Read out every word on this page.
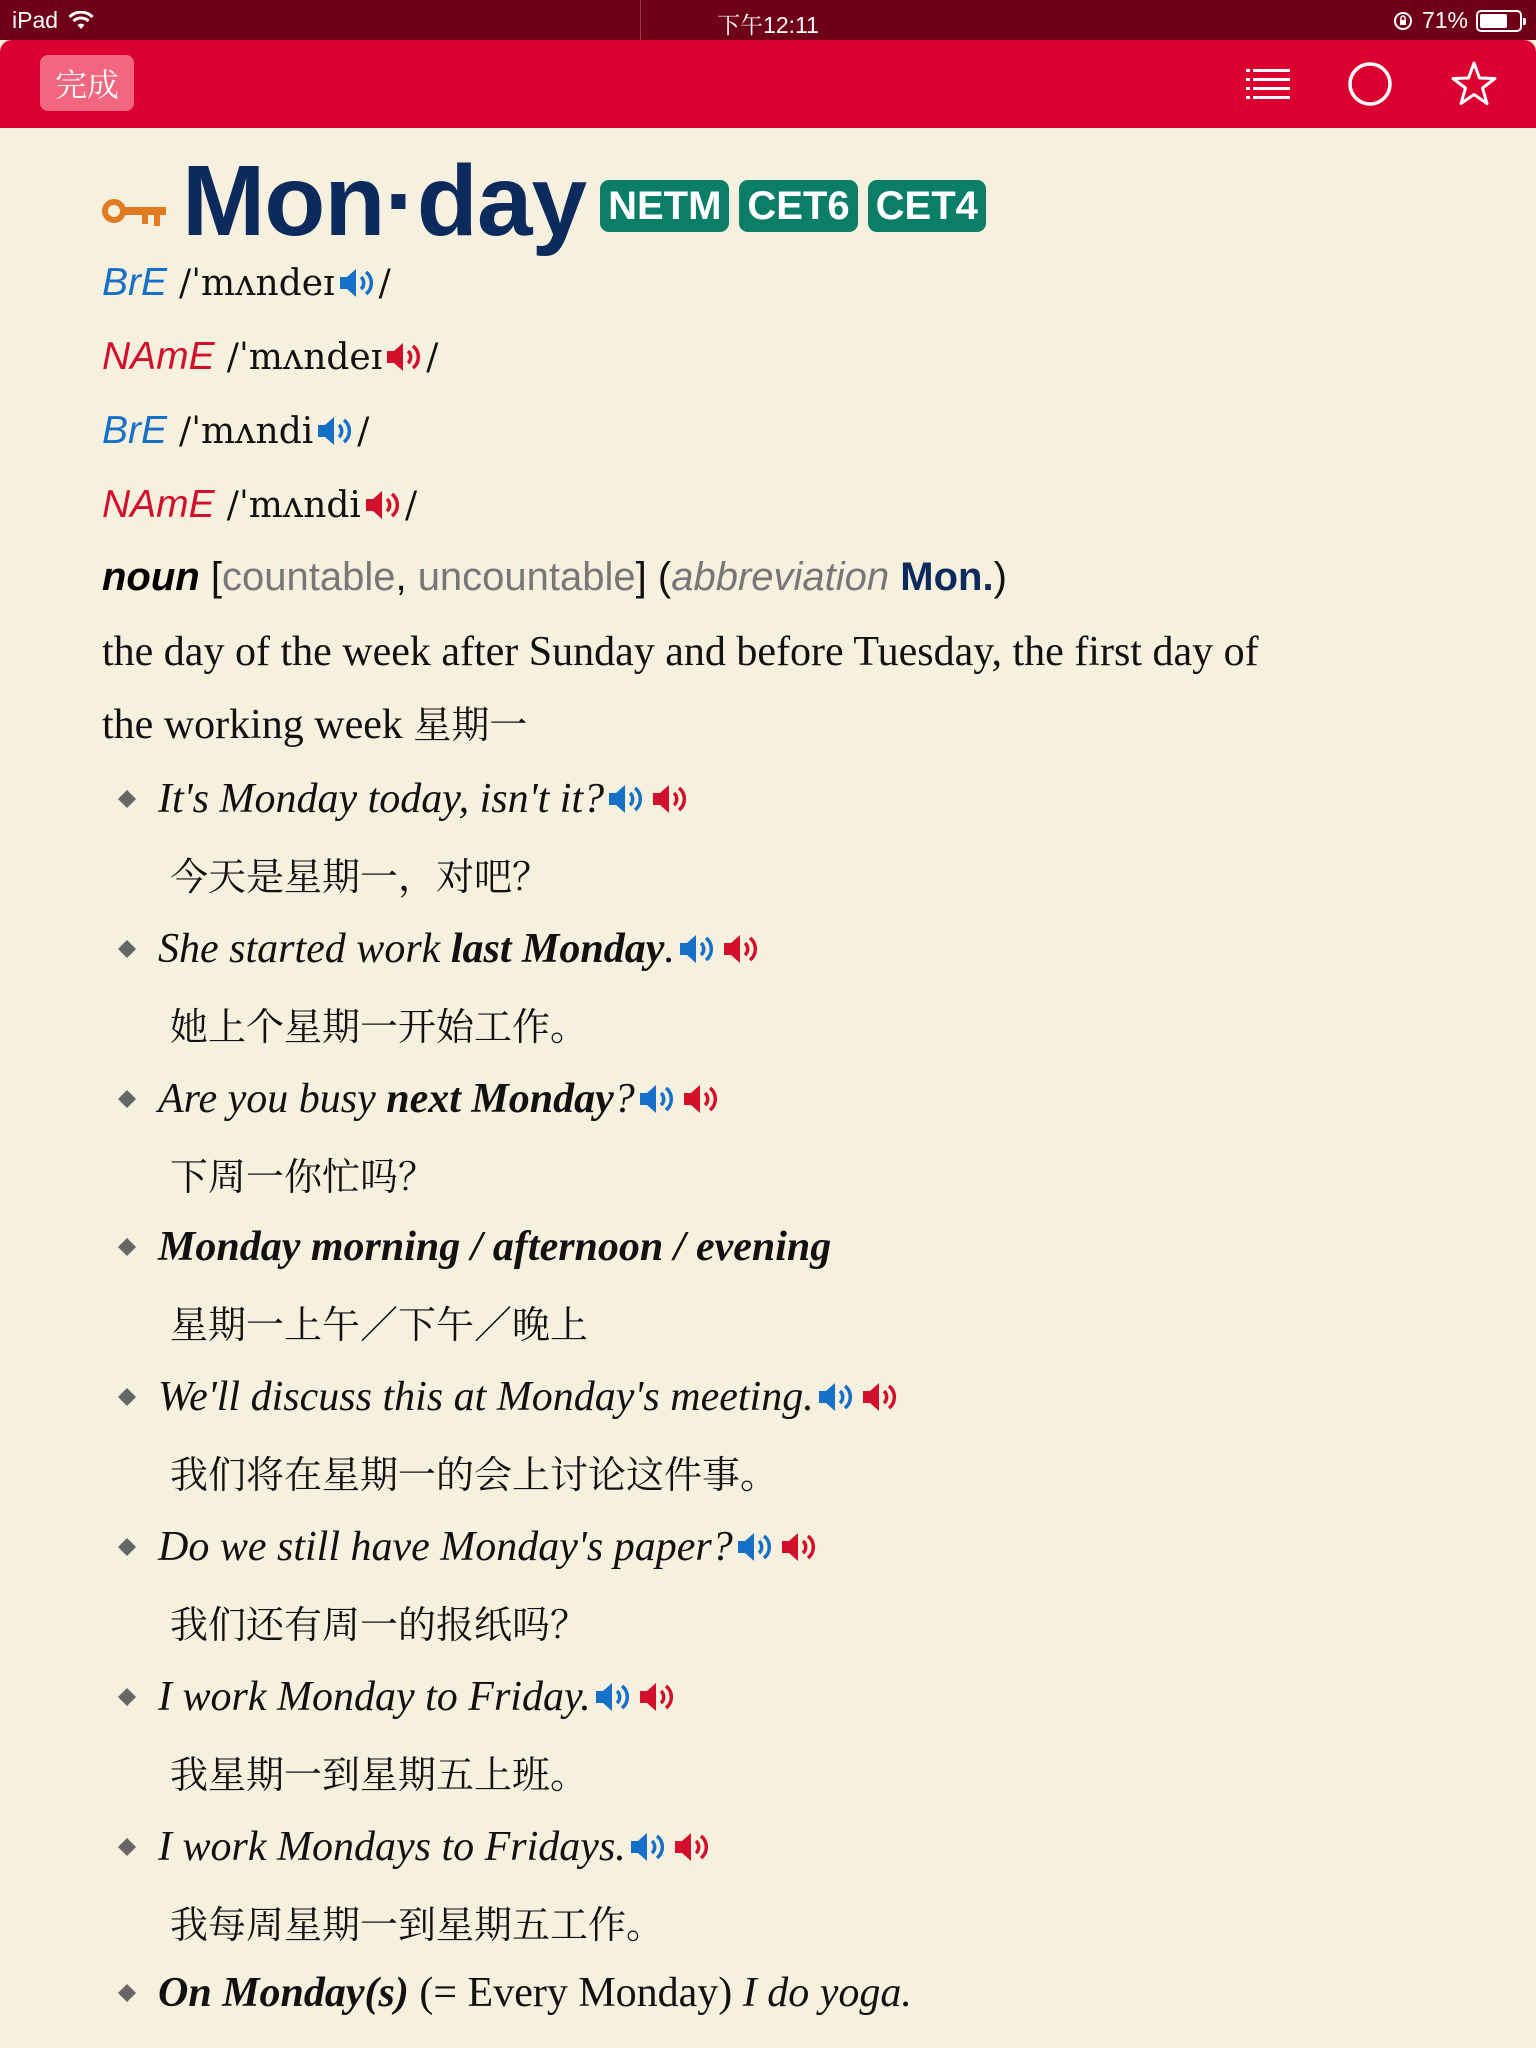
iPad	下午12:11	71%
完成
Mon·day NETM CET6 CET4
BrE / ˈmʌndeɪ /
NAmE / ˈmʌndeɪ /
BrE / ˈmʌndi /
NAmE / ˈmʌndi /
noun [ countable , uncountable ] ( abbreviation
Mon. )
the day of the week after Sunday and before Tuesday, the first day of
the working week 星期一
It's Monday today, isn't it?
今天是星期一，对吧？
She started work last Monday .
她上个星期一开始工作。
Are you busy next Monday ?
下周一你忙吗？
Monday morning / afternoon / evening
星期一上午／下午／晚上
We'll discuss this at Monday's meeting.
我们将在星期一的会上讨论这件事。
Do we still have Monday's paper?
我们还有周一的报纸吗？
I work Monday to Friday.
我星期一到星期五上班。
I work Mondays to Fridays.
我每周星期一到星期五工作。
On Monday(s) (= Every Monday) I do yoga.
